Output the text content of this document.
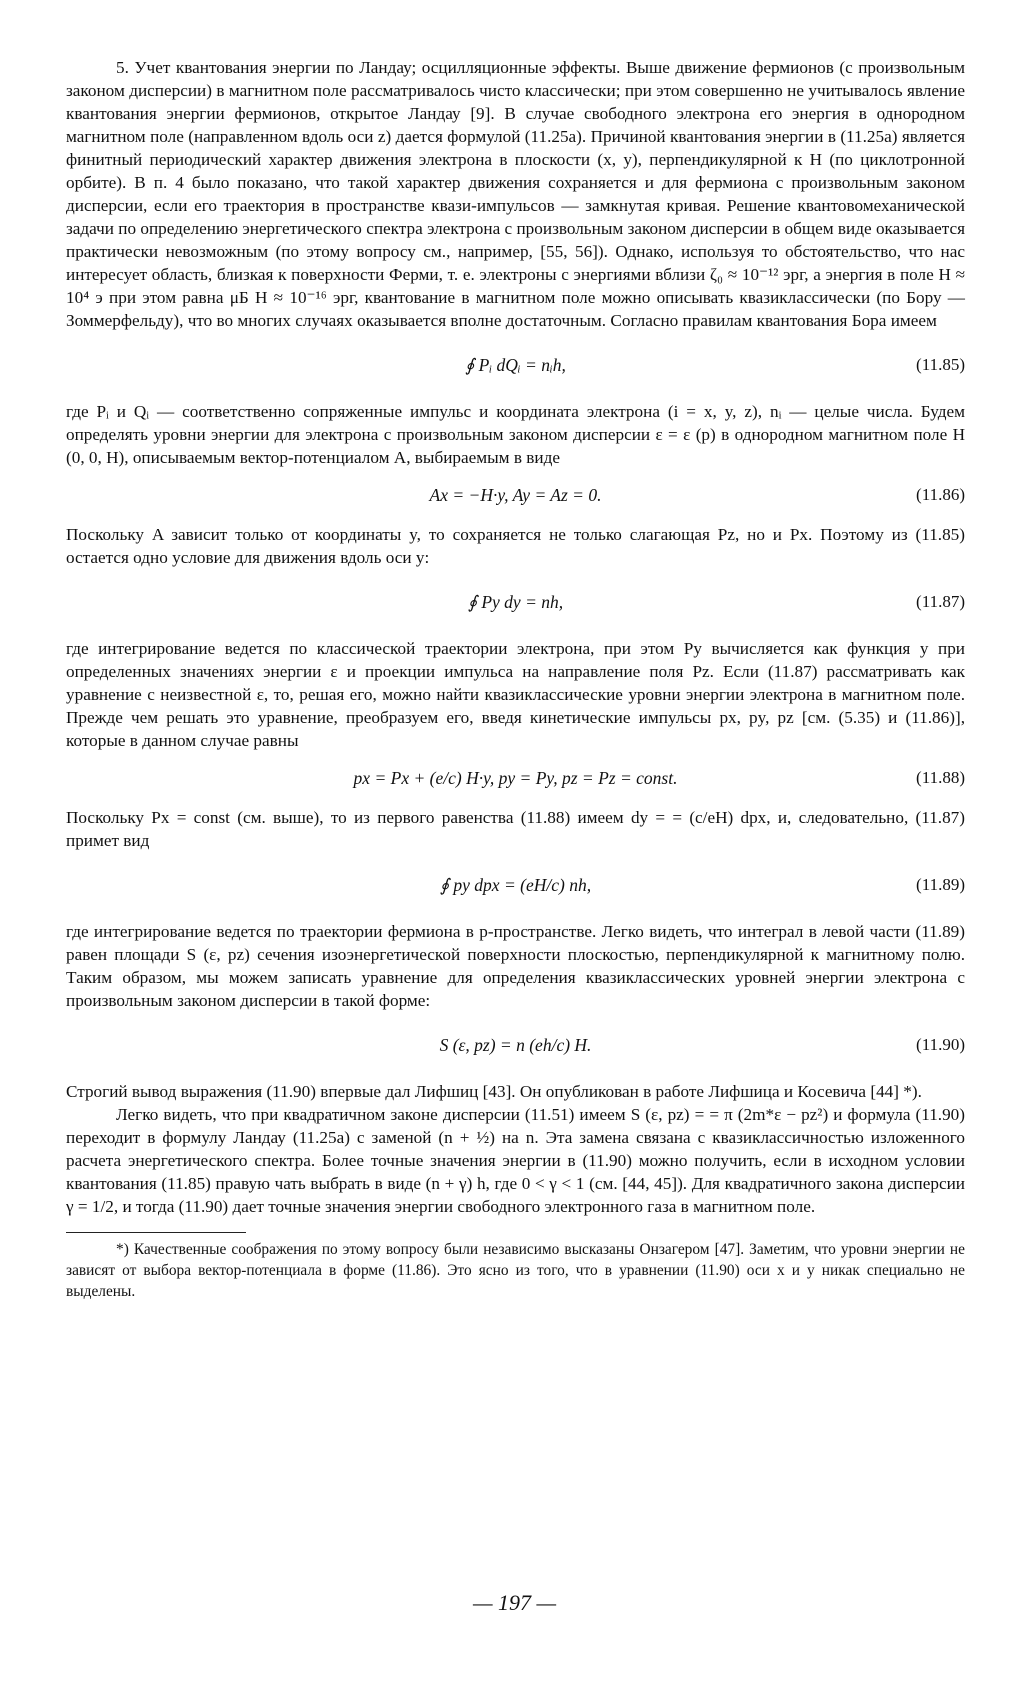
5. Учет квантования энергии по Ландау; осцилляционные эффекты. Выше движение фермионов (с произвольным законом дисперсии) в магнитном поле рассматривалось чисто классически; при этом совершенно не учитывалось явление квантования энергии фермионов, открытое Ландау [9]. В случае свободного электрона его энергия в однородном магнитном поле (направленном вдоль оси z) дается формулой (11.25а). Причиной квантования энергии в (11.25а) является финитный периодический характер движения электрона в плоскости (x, y), перпендикулярной к H (по циклотронной орбите). В п. 4 было показано, что такой характер движения сохраняется и для фермиона с произвольным законом дисперсии, если его траектория в пространстве квази-импульсов — замкнутая кривая. Решение квантовомеханической задачи по определению энергетического спектра электрона с произвольным законом дисперсии в общем виде оказывается практически невозможным (по этому вопросу см., например, [55, 56]). Однако, используя то обстоятельство, что нас интересует область, близкая к поверхности Ферми, т. е. электроны с энергиями вблизи ζ₀ ≈ 10⁻¹² эрг, а энергия в поле H ≈ 10⁴ э при этом равна μБ H ≈ 10⁻¹⁶ эрг, квантование в магнитном поле можно описывать квазиклассически (по Бору — Зоммерфельду), что во многих случаях оказывается вполне достаточным. Согласно правилам квантования Бора имеем

∮ Pᵢ dQᵢ = nᵢh,	(11.85)

где Pᵢ и Qᵢ — соответственно сопряженные импульс и координата электрона (i = x, y, z), nᵢ — целые числа. Будем определять уровни энергии для электрона с произвольным законом дисперсии ε = ε (p) в однородном магнитном поле H (0, 0, H), описываемым вектор-потенциалом A, выбираемым в виде

Ax = −H·y, Ay = Az = 0.	(11.86)

Поскольку A зависит только от координаты y, то сохраняется не только слагающая Pz, но и Px. Поэтому из (11.85) остается одно условие для движения вдоль оси y:

∮ Py dy = nh,	(11.87)

где интегрирование ведется по классической траектории электрона, при этом Py вычисляется как функция y при определенных значениях энергии ε и проекции импульса на направление поля Pz. Если (11.87) рассматривать как уравнение с неизвестной ε, то, решая его, можно найти квазиклассические уровни энергии электрона в магнитном поле. Прежде чем решать это уравнение, преобразуем его, введя кинетические импульсы px, py, pz [см. (5.35) и (11.86)], которые в данном случае равны

px = Px + (e/c) H·y, py = Py, pz = Pz = const.	(11.88)

Поскольку Px = const (см. выше), то из первого равенства (11.88) имеем dy = = (c/eH) dpx, и, следовательно, (11.87) примет вид

∮ py dpx = (eH/c) nh,	(11.89)

где интегрирование ведется по траектории фермиона в p-пространстве. Легко видеть, что интеграл в левой части (11.89) равен площади S (ε, pz) сечения изоэнергетической поверхности плоскостью, перпендикулярной к магнитному полю. Таким образом, мы можем записать уравнение для определения квазиклассических уровней энергии электрона с произвольным законом дисперсии в такой форме:

S (ε, pz) = n (eh/c) H.	(11.90)

Строгий вывод выражения (11.90) впервые дал Лифшиц [43]. Он опубликован в работе Лифшица и Косевича [44] *).

Легко видеть, что при квадратичном законе дисперсии (11.51) имеем S (ε, pz) = = π (2m*ε − pz²) и формула (11.90) переходит в формулу Ландау (11.25а) с заменой (n + ½) на n. Эта замена связана с квазиклассичностью изложенного расчета энергетического спектра. Более точные значения энергии в (11.90) можно получить, если в исходном условии квантования (11.85) правую чать выбрать в виде (n + γ) h, где 0 < γ < 1 (см. [44, 45]). Для квадратичного закона дисперсии γ = 1/2, и тогда (11.90) дает точные значения энергии свободного электронного газа в магнитном поле.

*) Качественные соображения по этому вопросу были независимо высказаны Онзагером [47]. Заметим, что уровни энергии не зависят от выбора вектор-потенциала в форме (11.86). Это ясно из того, что в уравнении (11.90) оси x и y никак специально не выделены.

— 197 —
